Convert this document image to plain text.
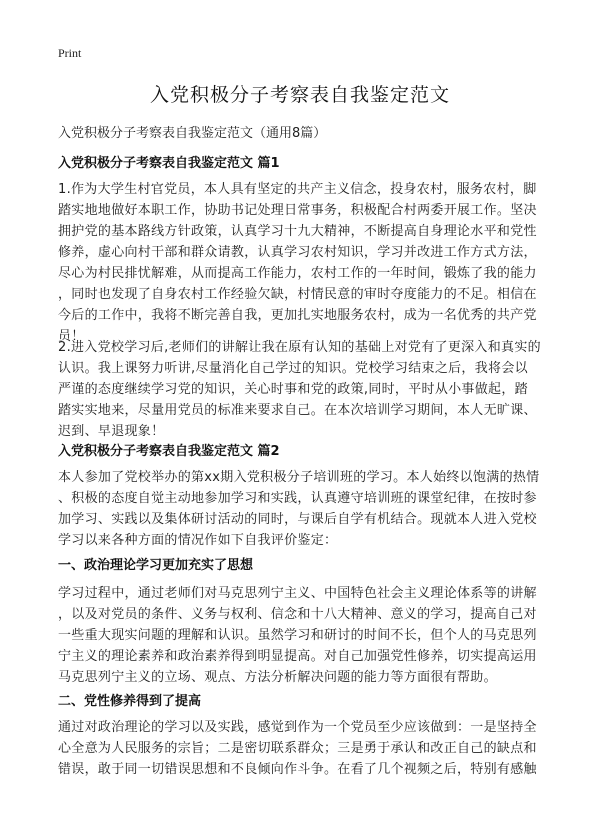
Print
入党积极分子考察表自我鉴定范文
入党积极分子考察表自我鉴定范文（通用8篇）
入党积极分子考察表自我鉴定范文 篇1
1.作为大学生村官党员，本人具有坚定的共产主义信念，投身农村，服务农村，脚
踏实地地做好本职工作，协助书记处理日常事务，积极配合村两委开展工作。坚决
拥护党的基本路线方针政策，认真学习十九大精神，不断提高自身理论水平和党性
修养，虚心向村干部和群众请教，认真学习农村知识，学习并改进工作方式方法，
尽心为村民排忧解难，从而提高工作能力，农村工作的一年时间，锻炼了我的能力
，同时也发现了自身农村工作经验欠缺，村情民意的审时夺度能力的不足。相信在
今后的工作中，我将不断完善自我，更加扎实地服务农村，成为一名优秀的共产党
员！
2.进入党校学习后,老师们的讲解让我在原有认知的基础上对党有了更深入和真实的
认识。我上课努力听讲,尽量消化自己学过的知识。党校学习结束之后，我将会以
严谨的态度继续学习党的知识，关心时事和党的政策,同时，平时从小事做起，踏
踏实实地来，尽量用党员的标准来要求自己。在本次培训学习期间，本人无旷课、
迟到、早退现象！
入党积极分子考察表自我鉴定范文 篇2
本人参加了党校举办的第xx期入党积极分子培训班的学习。本人始终以饱满的热情
、积极的态度自觉主动地参加学习和实践，认真遵守培训班的课堂纪律，在按时参
加学习、实践以及集体研讨活动的同时，与课后自学有机结合。现就本人进入党校
学习以来各种方面的情况作如下自我评价鉴定：
一、政治理论学习更加充实了思想
学习过程中，通过老师们对马克思列宁主义、中国特色社会主义理论体系等的讲解
，以及对党员的条件、义务与权利、信念和十八大精神、意义的学习，提高自己对
一些重大现实问题的理解和认识。虽然学习和研讨的时间不长，但个人的马克思列
宁主义的理论素养和政治素养得到明显提高。对自己加强党性修养，切实提高运用
马克思列宁主义的立场、观点、方法分析解决问题的能力等方面很有帮助。
二、党性修养得到了提高
通过对政治理论的学习以及实践，感觉到作为一个党员至少应该做到：一是坚持全
心全意为人民服务的宗旨；二是密切联系群众；三是勇于承认和改正自己的缺点和
错误，敢于同一切错误思想和不良倾向作斗争。在看了几个视频之后，特别有感触
